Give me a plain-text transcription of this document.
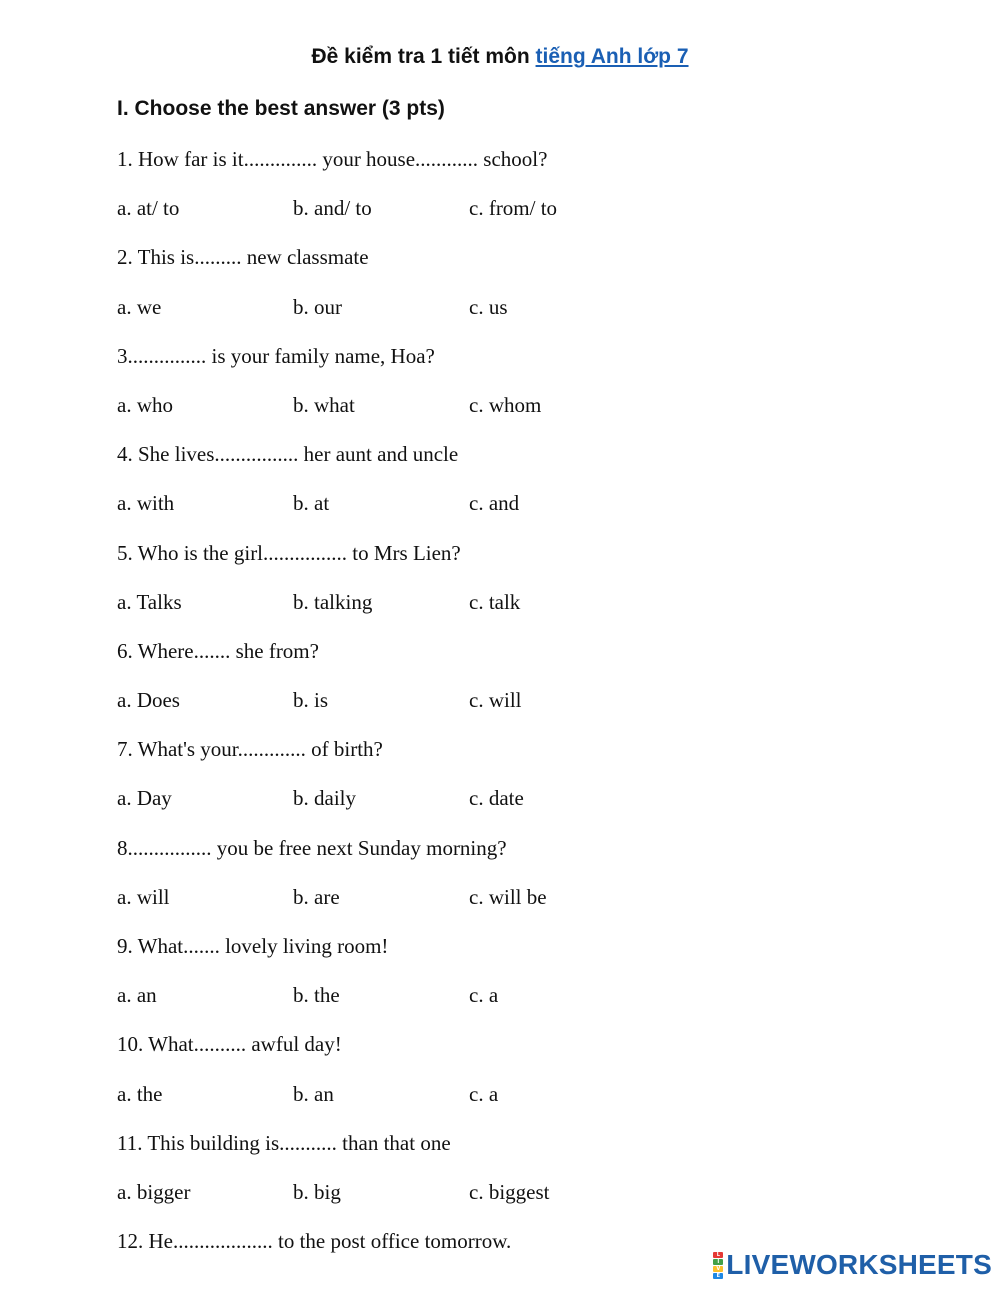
Đề kiểm tra 1 tiết môn tiếng Anh lớp 7
I. Choose the best answer (3 pts)
1. How far is it.............. your house............ school?
a. at/ to	b. and/ to	c. from/ to
2. This is......... new classmate
a. we	b. our	c. us
3............... is your family name, Hoa?
a. who	b. what	c. whom
4. She lives................ her aunt and uncle
a. with	b. at	c. and
5. Who is the girl................ to Mrs Lien?
a. Talks	b. talking	c. talk
6. Where....... she from?
a. Does	b. is	c. will
7. What's your............. of birth?
a. Day	b. daily	c. date
8................ you be free next Sunday morning?
a. will	b. are	c. will be
9. What....... lovely living room!
a. an	b. the	c. a
10. What.......... awful day!
a. the	b. an	c. a
11. This building is........... than that one
a. bigger	b. big	c. biggest
12. He................... to the post office tomorrow.
L
I
V
E LIVEWORKSHEETS
